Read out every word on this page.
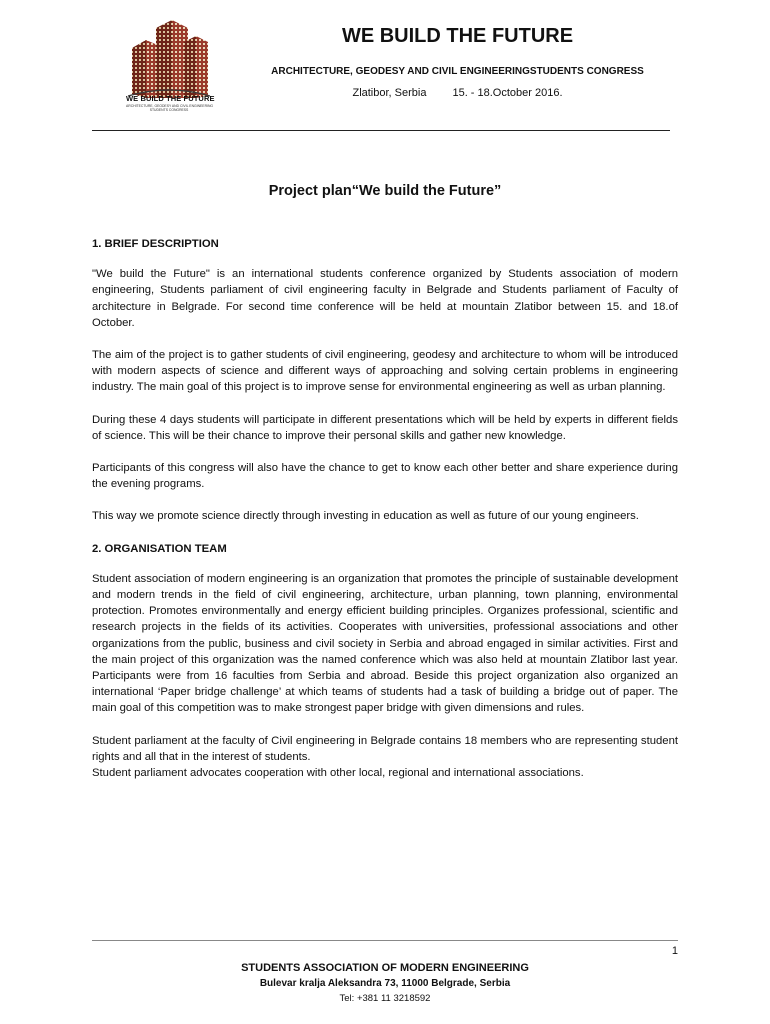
WE BUILD THE FUTURE
ARCHITECTURE, GEODESY AND CIVIL ENGINEERING
STUDENTS CONGRESS
WE BUILD THE FUTURE
ARCHITECTURE, GEODESY AND CIVIL ENGINEERINGSTUDENTS CONGRESS
Zlatibor, Serbia 15. - 18.October 2016.
Project plan“We build the Future”
1. BRIEF DESCRIPTION

"We build the Future" is an international students conference organized by Students association of modern engineering, Students parliament of civil engineering faculty in Belgrade and Students parliament of Faculty of architecture in Belgrade. For second time conference will be held at mountain Zlatibor between 15. and 18.of October.

The aim of the project is to gather students of civil engineering, geodesy and architecture to whom will be introduced with modern aspects of science and different ways of approaching and solving certain problems in engineering industry. The main goal of this project is to improve sense for environmental engineering as well as urban planning.

During these 4 days students will participate in different presentations which will be held by experts in different fields of science. This will be their chance to improve their personal skills and gather new knowledge.

Participants of this congress will also have the chance to get to know each other better and share experience during the evening programs.

This way we promote science directly through investing in education as well as future of our young engineers.

2. ORGANISATION TEAM

Student association of modern engineering is an organization that promotes the principle of sustainable development and modern trends in the field of civil engineering, architecture, urban planning, town planning, environmental protection. Promotes environmentally and energy efficient building principles. Organizes professional, scientific and research projects in the fields of its activities. Cooperates with universities, professional associations and other organizations from the public, business and civil society in Serbia and abroad engaged in similar activities. First and the main project of this organization was the named conference which was also held at mountain Zlatibor last year. Participants were from 16 faculties from Serbia and abroad. Beside this project organization also organized an international ‘Paper bridge challenge’ at which teams of students had a task of building a bridge out of paper. The main goal of this competition was to make strongest paper bridge with given dimensions and rules.

Student parliament at the faculty of Civil engineering in Belgrade contains 18 members who are representing student rights and all that in the interest of students.

Student parliament advocates cooperation with other local, regional and international associations.

1
STUDENTS ASSOCIATION OF MODERN ENGINEERING
Bulevar kralja Aleksandra 73, 11000 Belgrade, Serbia
Tel: +381 11 3218592
